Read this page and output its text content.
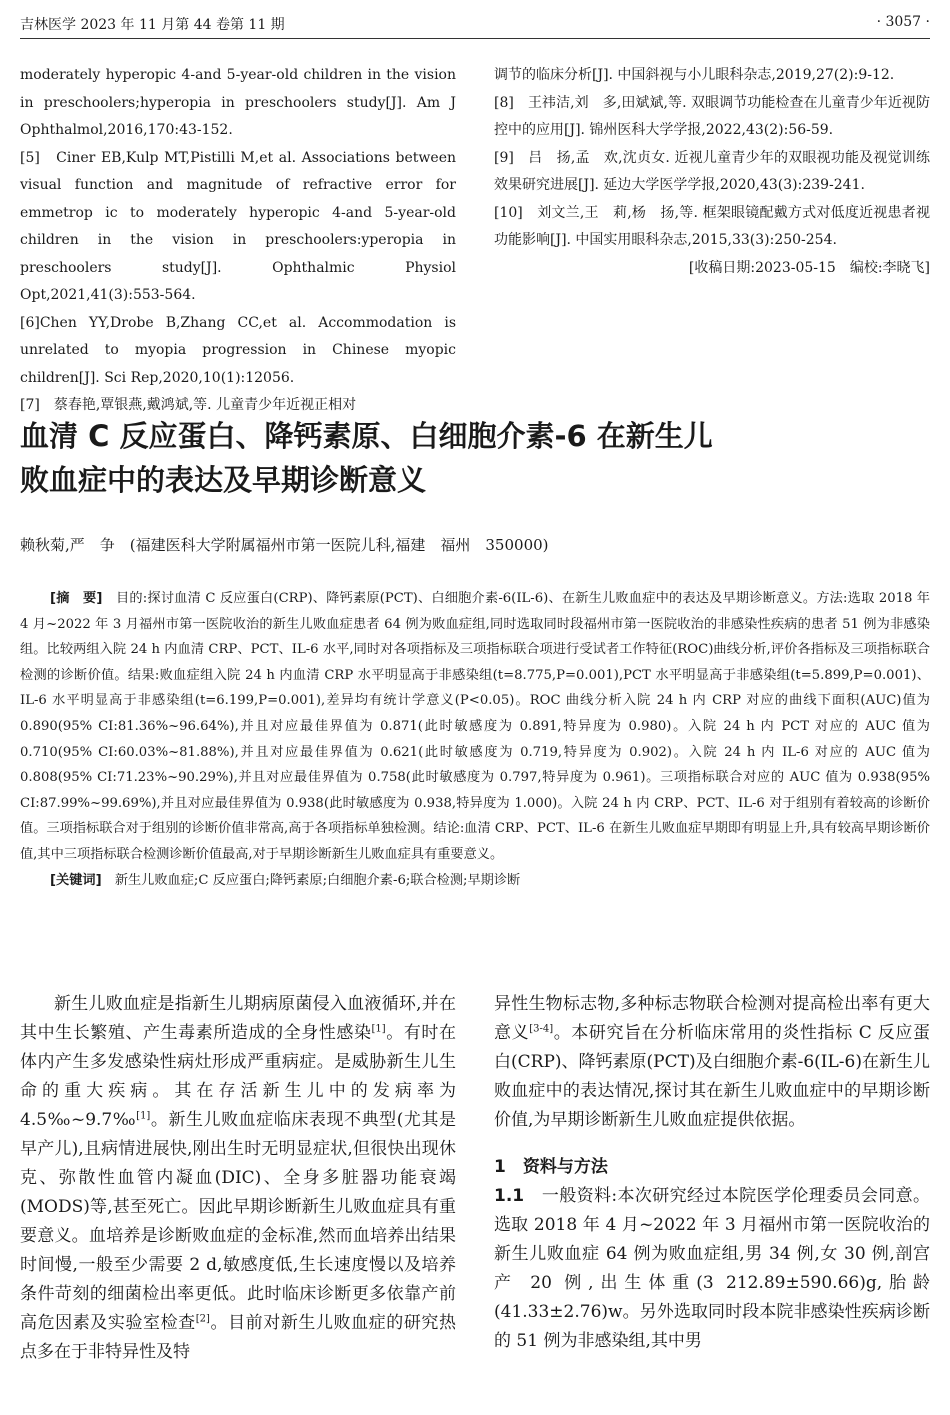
吉林医学 2023 年 11 月第 44 卷第 11 期	· 3057 ·

moderately hyperopic 4-and 5-year-old children in the vision in preschoolers;hyperopia in preschoolers study[J]. Am J Ophthalmol,2016,170:43-152.

[5]　Ciner EB,Kulp MT,Pistilli M,et al. Associations between visual function and magnitude of refractive error for emmetrop ic to moderately hyperopic 4-and 5-year-old children in the vision in preschoolers:yperopia in preschoolers study[J]. Ophthalmic Physiol Opt,2021,41(3):553-564.

[6]Chen YY,Drobe B,Zhang CC,et al. Accommodation is unrelated to myopia progression in Chinese myopic children[J]. Sci Rep,2020,10(1):12056.

[7]　蔡春艳,覃银燕,戴鸿斌,等. 儿童青少年近视正相对

调节的临床分析[J]. 中国斜视与小儿眼科杂志,2019,27(2):9-12.

[8]　王祎洁,刘　多,田斌斌,等. 双眼调节功能检查在儿童青少年近视防控中的应用[J]. 锦州医科大学学报,2022,43(2):56-59.

[9]　吕　扬,孟　欢,沈贞女. 近视儿童青少年的双眼视功能及视觉训练效果研究进展[J]. 延边大学医学学报,2020,43(3):239-241.

[10]　刘文兰,王　莉,杨　扬,等. 框架眼镜配戴方式对低度近视患者视功能影响[J]. 中国实用眼科杂志,2015,33(3):250-254.

[收稿日期:2023-05-15　编校:李晓飞]

血清 C 反应蛋白、降钙素原、白细胞介素-6 在新生儿
败血症中的表达及早期诊断意义
赖秋菊,严　争　(福建医科大学附属福州市第一医院儿科,福建　福州　350000)

[摘　要]　 目的:探讨血清 C 反应蛋白(CRP)、降钙素原(PCT)、白细胞介素-6(IL-6)、在新生儿败血症中的表达及早期诊断意义。方法:选取 2018 年 4 月~2022 年 3 月福州市第一医院收治的新生儿败血症患者 64 例为败血症组,同时选取同时段福州市第一医院收治的非感染性疾病的患者 51 例为非感染组。比较两组入院 24 h 内血清 CRP、PCT、IL-6 水平,同时对各项指标及三项指标联合项进行受试者工作特征(ROC)曲线分析,评价各指标及三项指标联合检测的诊断价值。结果:败血症组入院 24 h 内血清 CRP 水平明显高于非感染组(t=8.775,P=0.001),PCT 水平明显高于非感染组(t=5.899,P=0.001)、IL-6 水平明显高于非感染组(t=6.199,P=0.001),差异均有统计学意义(P<0.05)。ROC 曲线分析入院 24 h 内 CRP 对应的曲线下面积(AUC)值为 0.890(95% CI:81.36%~96.64%),并且对应最佳界值为 0.871(此时敏感度为 0.891,特异度为 0.980)。入院 24 h 内 PCT 对应的 AUC 值为 0.710(95% CI:60.03%~81.88%),并且对应最佳界值为 0.621(此时敏感度为 0.719,特异度为 0.902)。入院 24 h 内 IL-6 对应的 AUC 值为 0.808(95% CI:71.23%~90.29%),并且对应最佳界值为 0.758(此时敏感度为 0.797,特异度为 0.961)。三项指标联合对应的 AUC 值为 0.938(95% CI:87.99%~99.69%),并且对应最佳界值为 0.938(此时敏感度为 0.938,特异度为 1.000)。入院 24 h 内 CRP、PCT、IL-6 对于组别有着较高的诊断价值。三项指标联合对于组别的诊断价值非常高,高于各项指标单独检测。结论:血清 CRP、PCT、IL-6 在新生儿败血症早期即有明显上升,具有较高早期诊断价值,其中三项指标联合检测诊断价值最高,对于早期诊断新生儿败血症具有重要意义。

[关键词]　 新生儿败血症;C 反应蛋白;降钙素原;白细胞介素-6;联合检测;早期诊断

新生儿败血症是指新生儿期病原菌侵入血液循环,并在其中生长繁殖、产生毒素所造成的全身性感染[1]。有时在体内产生多发感染性病灶形成严重病症。是威胁新生儿生命的重大疾病。其在存活新生儿中的发病率为 4.5‰~9.7‰[1]。新生儿败血症临床表现不典型(尤其是早产儿),且病情进展快,刚出生时无明显症状,但很快出现休克、弥散性血管内凝血(DIC)、全身多脏器功能衰竭(MODS)等,甚至死亡。因此早期诊断新生儿败血症具有重要意义。血培养是诊断败血症的金标准,然而血培养出结果时间慢,一般至少需要 2 d,敏感度低,生长速度慢以及培养条件苛刻的细菌检出率更低。此时临床诊断更多依靠产前高危因素及实验室检查[2]。目前对新生儿败血症的研究热点多在于非特异性及特

异性生物标志物,多种标志物联合检测对提高检出率有更大意义[3-4]。本研究旨在分析临床常用的炎性指标 C 反应蛋白(CRP)、降钙素原(PCT)及白细胞介素-6(IL-6)在新生儿败血症中的表达情况,探讨其在新生儿败血症中的早期诊断价值,为早期诊断新生儿败血症提供依据。

1　资料与方法

1.1　一般资料:本次研究经过本院医学伦理委员会同意。选取 2018 年 4 月~2022 年 3 月福州市第一医院收治的新生儿败血症 64 例为败血症组,男 34 例,女 30 例,剖宫产 20 例,出生体重(3 212.89±590.66)g,胎龄(41.33±2.76)w。另外选取同时段本院非感染性疾病诊断的 51 例为非感染组,其中男
